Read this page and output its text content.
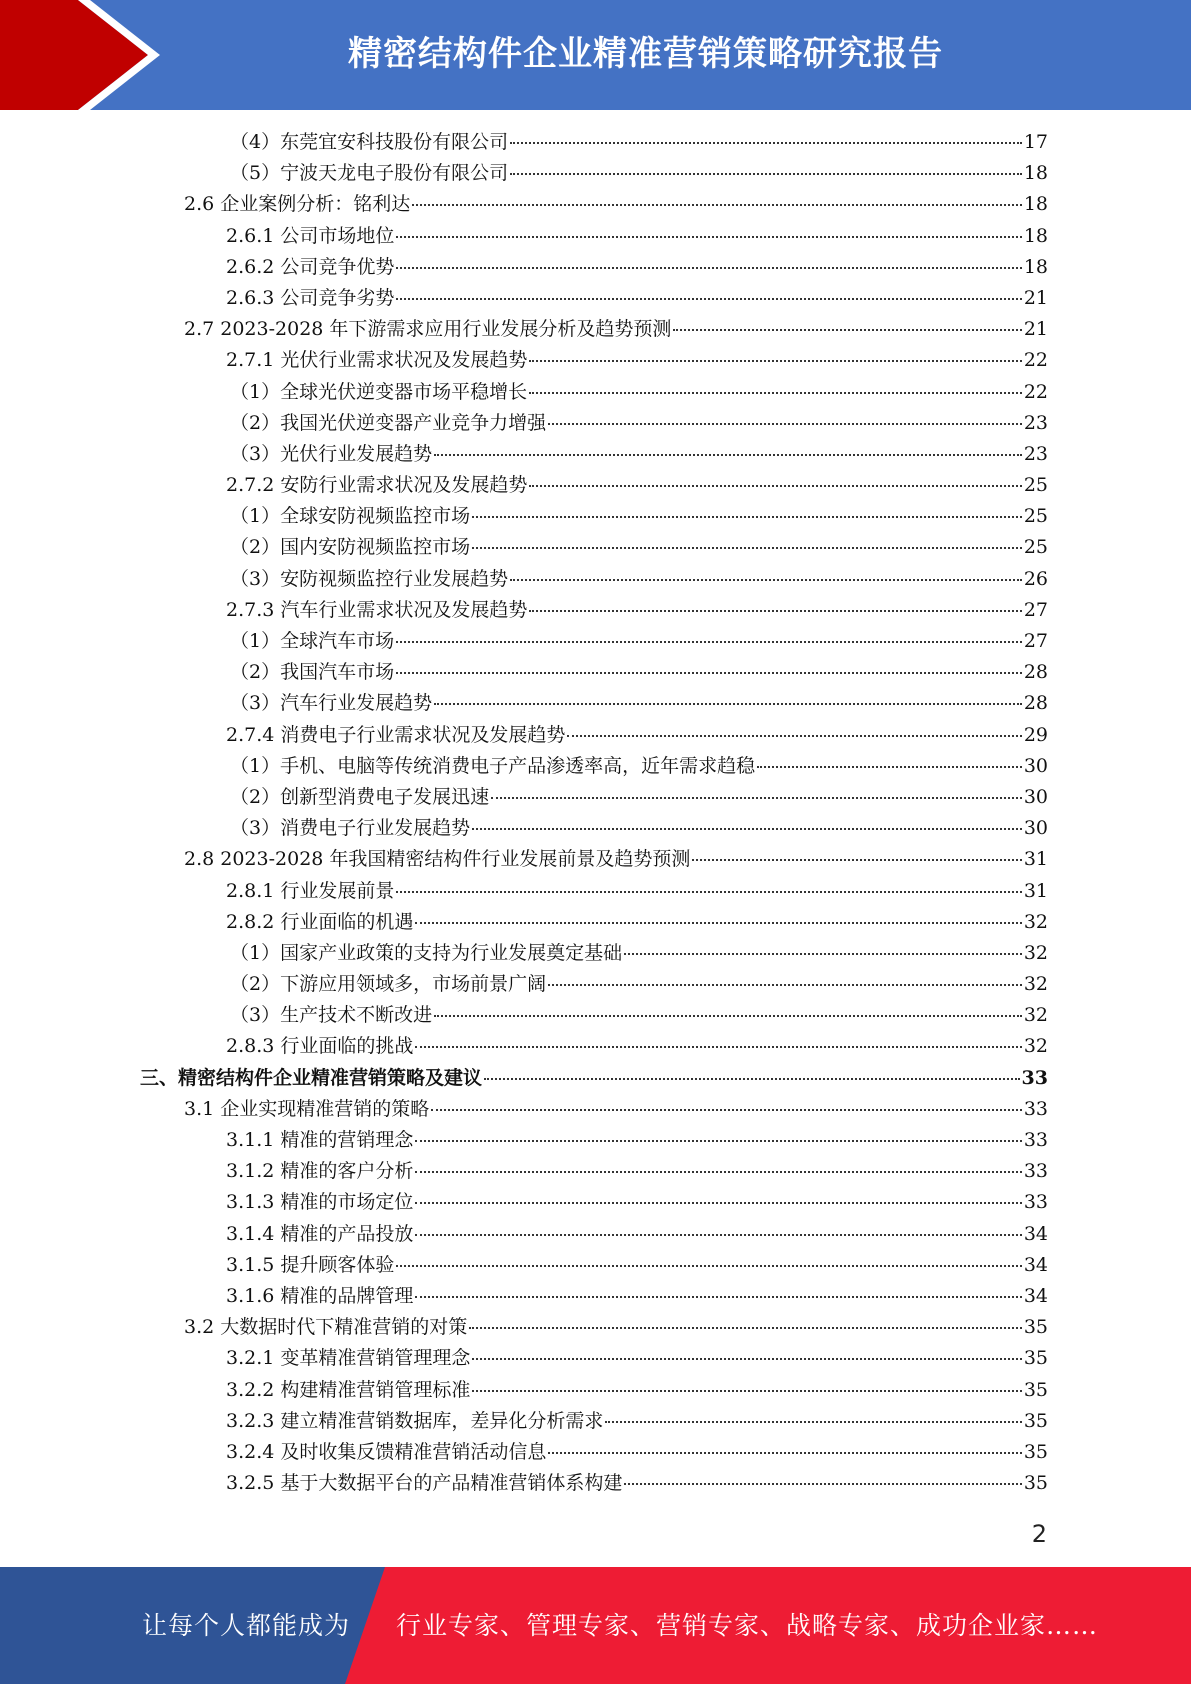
精密结构件企业精准营销策略研究报告
（4）东莞宜安科技股份有限公司	17
（5）宁波天龙电子股份有限公司	18
2.6 企业案例分析：铭利达	18
2.6.1 公司市场地位	18
2.6.2 公司竞争优势	18
2.6.3 公司竞争劣势	21
2.7 2023-2028 年下游需求应用行业发展分析及趋势预测	21
2.7.1 光伏行业需求状况及发展趋势	22
（1）全球光伏逆变器市场平稳增长	22
（2）我国光伏逆变器产业竞争力增强	23
（3）光伏行业发展趋势	23
2.7.2 安防行业需求状况及发展趋势	25
（1）全球安防视频监控市场	25
（2）国内安防视频监控市场	25
（3）安防视频监控行业发展趋势	26
2.7.3 汽车行业需求状况及发展趋势	27
（1）全球汽车市场	27
（2）我国汽车市场	28
（3）汽车行业发展趋势	28
2.7.4 消费电子行业需求状况及发展趋势	29
（1）手机、电脑等传统消费电子产品渗透率高，近年需求趋稳	30
（2）创新型消费电子发展迅速	30
（3）消费电子行业发展趋势	30
2.8 2023-2028 年我国精密结构件行业发展前景及趋势预测	31
2.8.1 行业发展前景	31
2.8.2 行业面临的机遇	32
（1）国家产业政策的支持为行业发展奠定基础	32
（2）下游应用领域多，市场前景广阔	32
（3）生产技术不断改进	32
2.8.3 行业面临的挑战	32
三、精密结构件企业精准营销策略及建议	33
3.1 企业实现精准营销的策略	33
3.1.1 精准的营销理念	33
3.1.2 精准的客户分析	33
3.1.3 精准的市场定位	33
3.1.4 精准的产品投放	34
3.1.5 提升顾客体验	34
3.1.6 精准的品牌管理	34
3.2 大数据时代下精准营销的对策	35
3.2.1 变革精准营销管理理念	35
3.2.2 构建精准营销管理标准	35
3.2.3 建立精准营销数据库，差异化分析需求	35
3.2.4 及时收集反馈精准营销活动信息	35
3.2.5 基于大数据平台的产品精准营销体系构建	35
2
让每个人都能成为 行业专家、管理专家、营销专家、战略专家、成功企业家……
